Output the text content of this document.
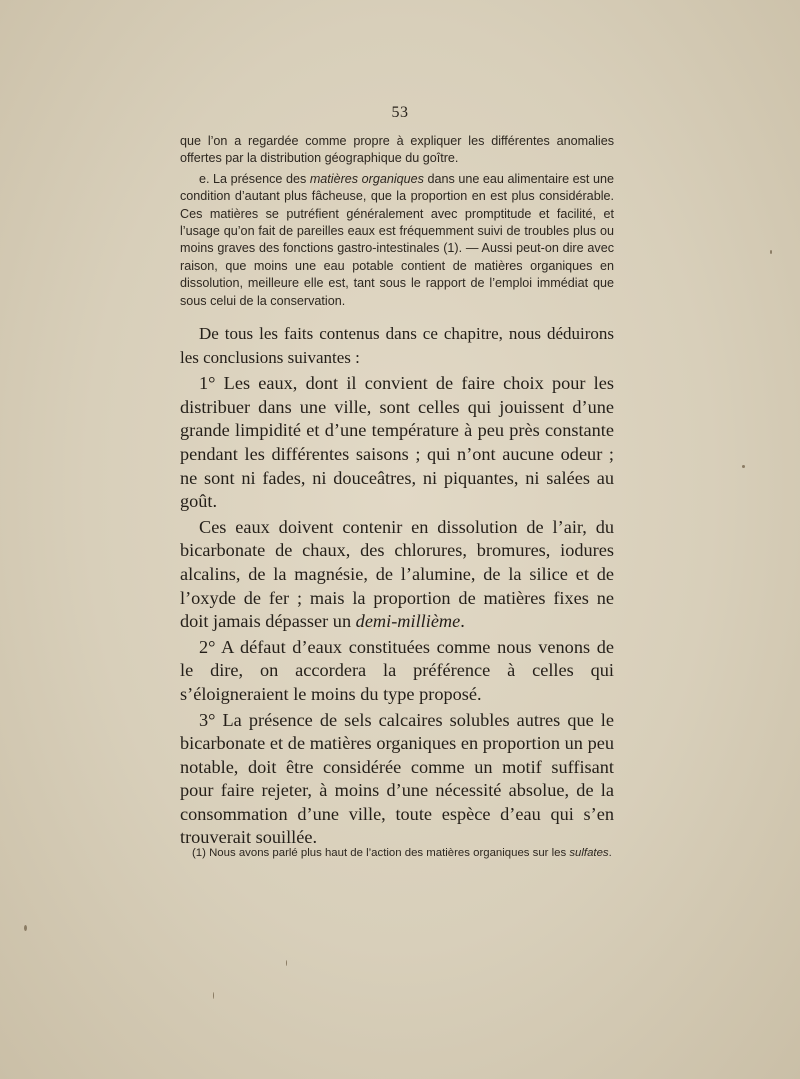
53

que l’on a regardée comme propre à expliquer les différentes anomalies offertes par la distribution géographique du goître.

e. La présence des matières organiques dans une eau alimentaire est une condition d’autant plus fâcheuse, que la proportion en est plus considérable. Ces matières se putréfient généralement avec promptitude et facilité, et l’usage qu’on fait de pareilles eaux est fréquemment suivi de troubles plus ou moins graves des fonctions gastro-intestinales (1). — Aussi peut-on dire avec raison, que moins une eau potable contient de matières organiques en dissolution, meilleure elle est, tant sous le rapport de l’emploi immédiat que sous celui de la conservation.

De tous les faits contenus dans ce chapitre, nous déduirons les conclusions suivantes :

1° Les eaux, dont il convient de faire choix pour les distribuer dans une ville, sont celles qui jouissent d’une grande limpidité et d’une température à peu près constante pendant les différentes saisons ; qui n’ont aucune odeur ; ne sont ni fades, ni douceâtres, ni piquantes, ni salées au goût.

Ces eaux doivent contenir en dissolution de l’air, du bicarbonate de chaux, des chlorures, bromures, iodures alcalins, de la magnésie, de l’alumine, de la silice et de l’oxyde de fer ; mais la proportion de matières fixes ne doit jamais dépasser un demi-millième.

2° A défaut d’eaux constituées comme nous venons de le dire, on accordera la préférence à celles qui s’éloigneraient le moins du type proposé.

3° La présence de sels calcaires solubles autres que le bicarbonate et de matières organiques en proportion un peu notable, doit être considérée comme un motif suffisant pour faire rejeter, à moins d’une nécessité absolue, de la consommation d’une ville, toute espèce d’eau qui s’en trouverait souillée.

(1) Nous avons parlé plus haut de l’action des matières organiques sur les sulfates.
